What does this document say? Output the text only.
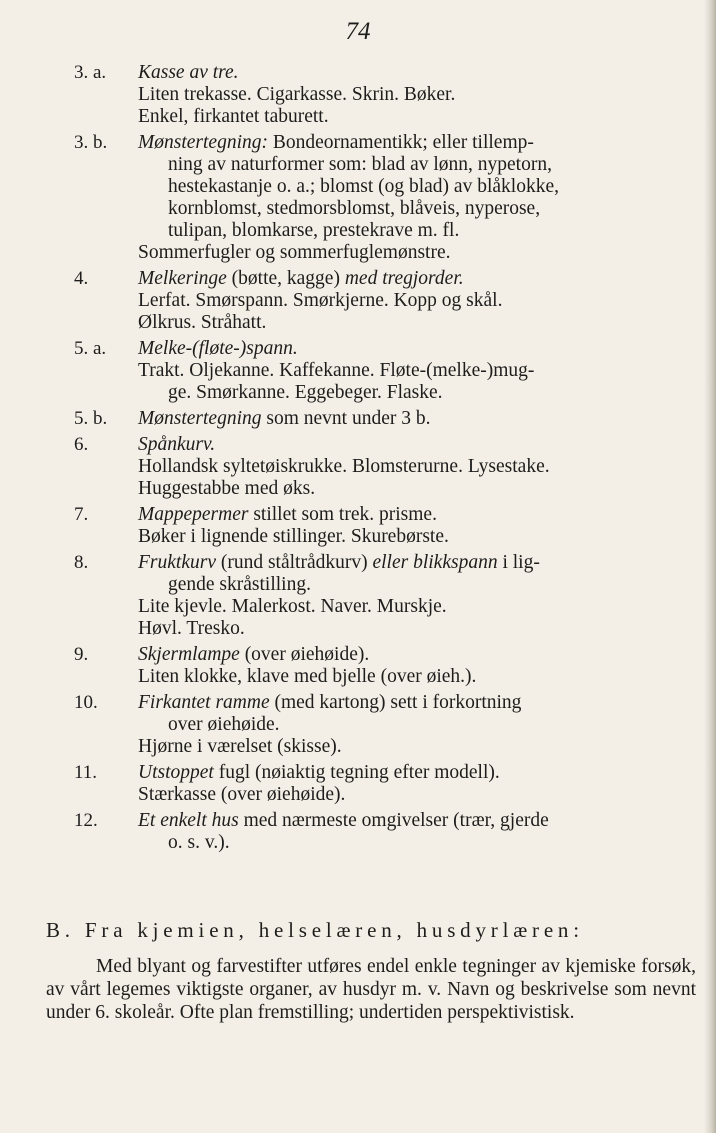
74
3. a.	Kasse av tre.
Liten trekasse. Cigarkasse. Skrin. Bøker.
Enkel, firkantet taburett.
3. b.	Mønstertegning: Bondeornamentikk; eller tillemp-
ning av naturformer som: blad av lønn, nypetorn,
hestekastanje o. a.; blomst (og blad) av blåklokke,
kornblomst, stedmorsblomst, blåveis, nyperose,
tulipan, blomkarse, prestekrave m. fl.
Sommerfugler og sommerfuglemønstre.
4.	Melkeringe (bøtte, kagge) med tregjorder.
Lerfat. Smørspann. Smørkjerne. Kopp og skål.
Ølkrus. Stråhatt.
5. a.	Melke-(fløte-)spann.
Trakt. Oljekanne. Kaffekanne. Fløte-(melke-)mug-
ge. Smørkanne. Eggebeger. Flaske.
5. b.	Mønstertegning som nevnt under 3 b.
6.	Spånkurv.
Hollandsk syltetøiskrukke. Blomsterurne. Lysestake.
Huggestabbe med øks.
7.	Mappepermer stillet som trek. prisme.
Bøker i lignende stillinger. Skurebørste.
8.	Fruktkurv (rund ståltrådkurv) eller blikkspann i lig-
gende skråstilling.
Lite kjevle. Malerkost. Naver. Murskje.
Høvl. Tresko.
9.	Skjermlampe (over øiehøide).
Liten klokke, klave med bjelle (over øieh.).
10.	Firkantet ramme (med kartong) sett i forkortning
over øiehøide.
Hjørne i værelset (skisse).
11.	Utstoppet fugl (nøiaktig tegning efter modell).
Stærkasse (over øiehøide).
12.	Et enkelt hus med nærmeste omgivelser (trær, gjerde
o. s. v.).
B. Fra kjemien, helselæren, husdyrlæren:
Med blyant og farvestifter utføres endel enkle tegninger av kjemiske forsøk, av vårt legemes viktigste organer, av husdyr m. v. Navn og beskrivelse som nevnt under 6. skoleår. Ofte plan fremstilling; undertiden perspektivistisk.
